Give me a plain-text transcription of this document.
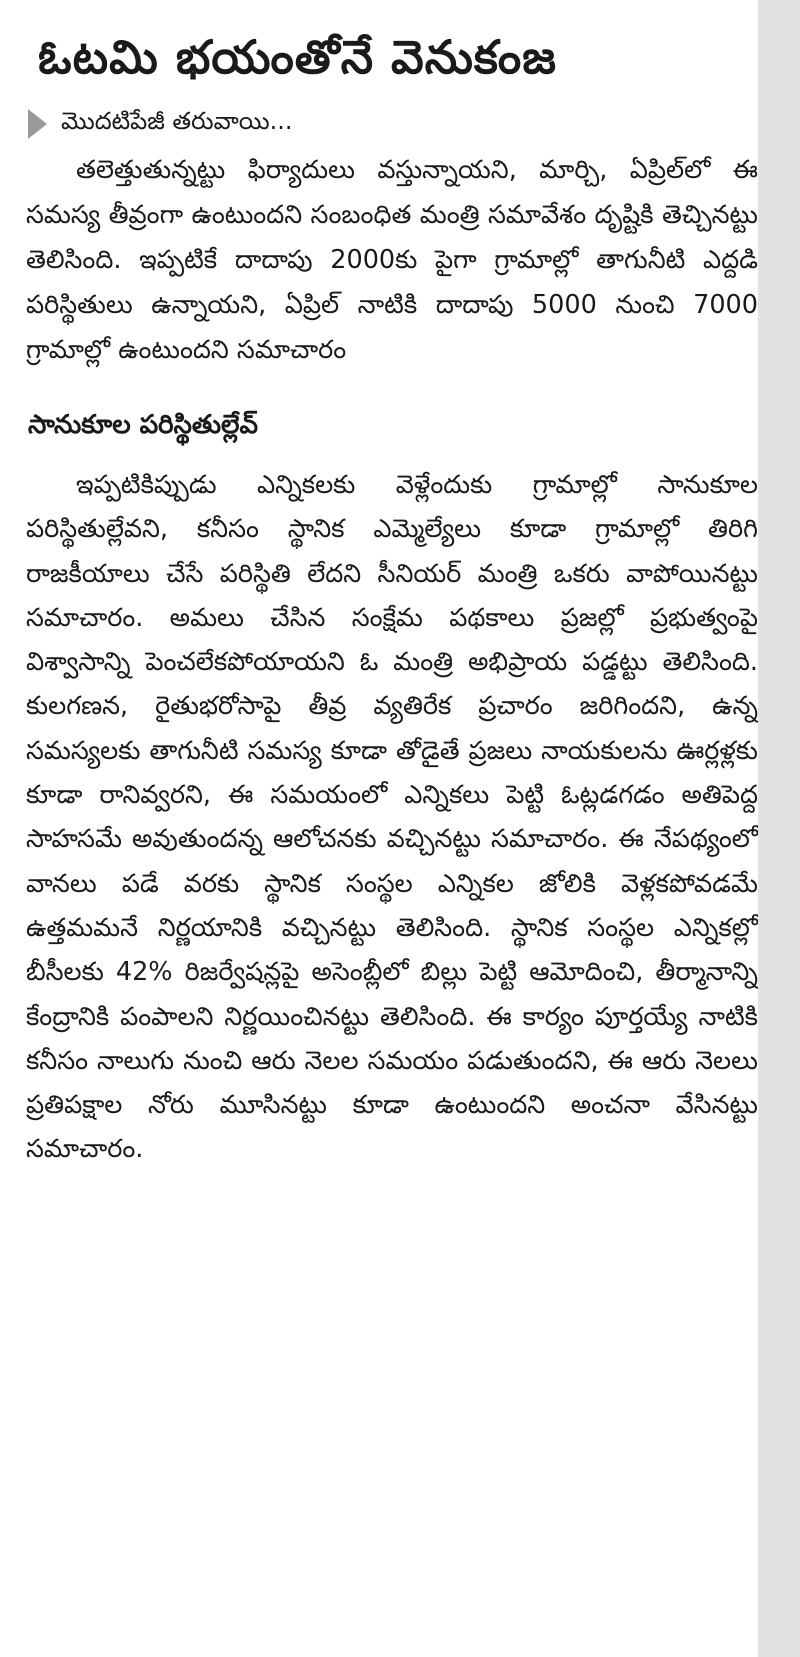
ఓటమి భయంతోనే వెనుకంజ
మొదటిపేజీ తరువాయి...

తలెత్తుతున్నట్టు ఫిర్యాదులు వస్తున్నాయని, మార్చి, ఏప్రిల్‌లో ఈ సమస్య తీవ్రంగా ఉంటుందని సంబంధిత మంత్రి సమావేశం దృష్టికి తెచ్చినట్టు తెలిసింది. ఇప్పటికే దాదాపు 2000కు పైగా గ్రామాల్లో తాగునీటి ఎద్దడి పరిస్థితులు ఉన్నాయని, ఏప్రిల్ నాటికి దాదాపు 5000 నుంచి 7000 గ్రామాల్లో ఉంటుందని సమాచారం

సానుకూల పరిస్థితుల్లేవ్

ఇప్పటికిప్పుడు ఎన్నికలకు వెళ్లేందుకు గ్రామాల్లో సానుకూల పరిస్థితుల్లేవని, కనీసం స్థానిక ఎమ్మెల్యేలు కూడా గ్రామాల్లో తిరిగి రాజకీయాలు చేసే పరిస్థితి లేదని సీనియర్ మంత్రి ఒకరు వాపోయినట్టు సమాచారం. అమలు చేసిన సంక్షేమ పథకాలు ప్రజల్లో ప్రభుత్వంపై విశ్వాసాన్ని పెంచలేకపోయాయని ఓ మంత్రి అభిప్రాయ పడ్డట్టు తెలిసింది. కులగణన, రైతుభరోసాపై తీవ్ర వ్యతిరేక ప్రచారం జరిగిందని, ఉన్న సమస్యలకు తాగునీటి సమస్య కూడా తోడైతే ప్రజలు నాయకులను ఊర్లళ్లకు కూడా రానివ్వరని, ఈ సమయంలో ఎన్నికలు పెట్టి ఓట్లడగడం అతిపెద్ద సాహసమే అవుతుందన్న ఆలోచనకు వచ్చినట్టు సమాచారం. ఈ నేపథ్యంలో వానలు పడే వరకు స్థానిక సంస్థల ఎన్నికల జోలికి వెళ్లకపోవడమే ఉత్తమమనే నిర్ణయానికి వచ్చినట్టు తెలిసింది. స్థానిక సంస్థల ఎన్నికల్లో బీసీలకు 42% రిజర్వేషన్లపై అసెంబ్లీలో బిల్లు పెట్టి ఆమోదించి, తీర్మానాన్ని కేంద్రానికి పంపాలని నిర్ణయించినట్టు తెలిసింది. ఈ కార్యం పూర్తయ్యే నాటికి కనీసం నాలుగు నుంచి ఆరు నెలల సమయం పడుతుందని, ఈ ఆరు నెలలు ప్రతిపక్షాల నోరు మూసినట్టు కూడా ఉంటుందని అంచనా వేసినట్టు సమాచారం.
